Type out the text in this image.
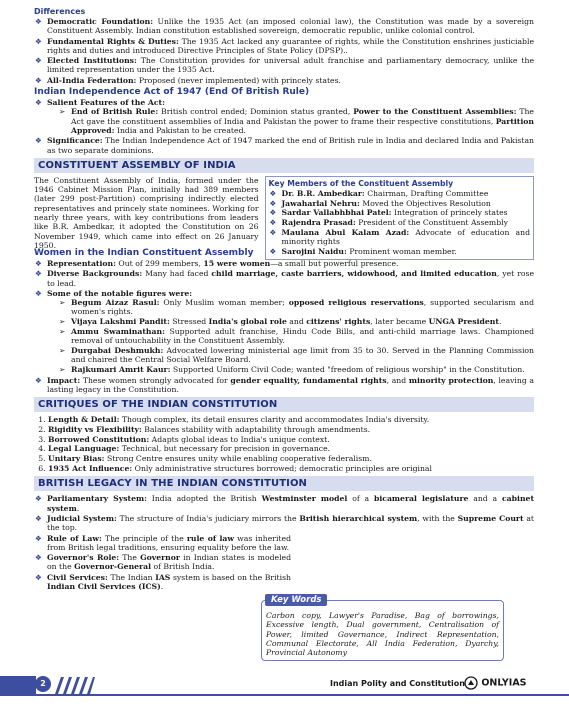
Differences
❖ Democratic Foundation: Unlike the 1935 Act (an imposed colonial law), the Constitution was made by a sovereign Constituent Assembly. Indian constitution established sovereign, democratic republic, unlike colonial control.
❖ Fundamental Rights & Duties: The 1935 Act lacked any guarantee of rights, while the Constitution enshrines justiciable rights and duties and introduced Directive Principles of State Policy (DPSP)..
❖ Elected Institutions: The Constitution provides for universal adult franchise and parliamentary democracy, unlike the limited representation under the 1935 Act.
❖ All-India Federation: Proposed (never implemented) with princely states.
Indian Independence Act of 1947 (End Of British Rule)
❖ Salient Features of the Act:
➢ End of British Rule: British control ended; Dominion status granted, Power to the Constituent Assemblies: The Act gave the constituent assemblies of India and Pakistan the power to frame their respective constitutions, Partition Approved: India and Pakistan to be created.
❖ Significance: The Indian Independence Act of 1947 marked the end of British rule in India and declared India and Pakistan as two separate dominions.
CONSTITUENT ASSEMBLY OF INDIA
The Constituent Assembly of India, formed under the 1946 Cabinet Mission Plan, initially had 389 members (later 299 post-Partition) comprising indirectly elected representatives and princely state nominees. Working for nearly three years, with key contributions from leaders like B.R. Ambedkar, it adopted the Constitution on 26 November 1949, which came into effect on 26 January 1950.
Key Members of the Constituent Assembly
❖ Dr. B.R. Ambedkar: Chairman, Drafting Committee
❖ Jawaharlal Nehru: Moved the Objectives Resolution
❖ Sardar Vallabhbhai Patel: Integration of princely states
❖ Rajendra Prasad: President of the Constituent Assembly
❖ Maulana Abul Kalam Azad: Advocate of education and minority rights
❖ Sarojini Naidu: Prominent woman member.
Women in the Indian Constituent Assembly
❖ Representation: Out of 299 members, 15 were women—a small but powerful presence.
❖ Diverse Backgrounds: Many had faced child marriage, caste barriers, widowhood, and limited education, yet rose to lead.
❖ Some of the notable figures were:
➢ Begum Aizaz Rasul: Only Muslim woman member; opposed religious reservations, supported secularism and women's rights.
➢ Vijaya Lakshmi Pandit: Stressed India's global role and citizens' rights, later became UNGA President.
➢ Ammu Swaminathan: Supported adult franchise, Hindu Code Bills, and anti-child marriage laws. Championed removal of untouchability in the Constituent Assembly.
➢ Durgabai Deshmukh: Advocated lowering ministerial age limit from 35 to 30. Served in the Planning Commission and chaired the Central Social Welfare Board.
➢ Rajkumari Amrit Kaur: Supported Uniform Civil Code; wanted "freedom of religious worship" in the Constitution.
❖ Impact: These women strongly advocated for gender equality, fundamental rights, and minority protection, leaving a lasting legacy in the Constitution.
CRITIQUES OF THE INDIAN CONSTITUTION
1. Length & Detail: Though complex, its detail ensures clarity and accommodates India's diversity.
2. Rigidity vs Flexibility: Balances stability with adaptability through amendments.
3. Borrowed Constitution: Adapts global ideas to India's unique context.
4. Legal Language: Technical, but necessary for precision in governance.
5. Unitary Bias: Strong Centre ensures unity while enabling cooperative federalism.
6. 1935 Act Influence: Only administrative structures borrowed; democratic principles are original
BRITISH LEGACY IN THE INDIAN CONSTITUTION
❖ Parliamentary System: India adopted the British Westminster model of a bicameral legislature and a cabinet system.
❖ Judicial System: The structure of India's judiciary mirrors the British hierarchical system, with the Supreme Court at the top.
❖ Rule of Law: The principle of the rule of law was inherited from British legal traditions, ensuring equality before the law.
❖ Governor's Role: The Governor in Indian states is modeled on the Governor-General of British India.
❖ Civil Services: The Indian IAS system is based on the British Indian Civil Services (ICS).
Carbon copy, Lawyer's Paradise, Bag of borrowings, Excessive length, Dual government, Centralisation of Power, limited Governance, Indirect Representation, Communal Electorate, All India Federation, Dyarchy, Provincial Autonomy
Key Words
2	Indian Polity and Constitution	ONLYIAS
